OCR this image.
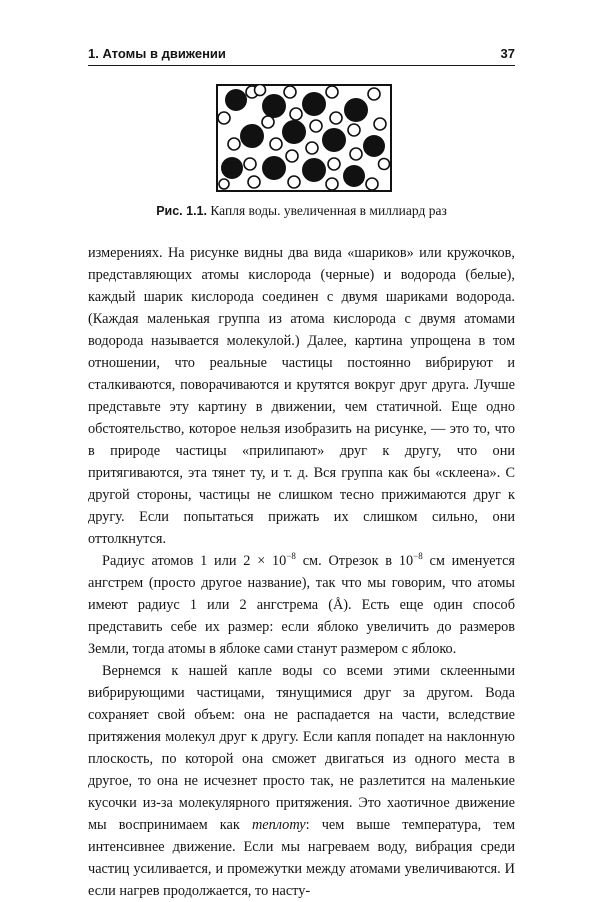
1. Атомы в движении	37
Рис. 1.1. Капля воды. увеличенная в миллиард раз

измерениях. На рисунке видны два вида «шариков» или кружочков, представляющих атомы кислорода (черные) и водорода (белые), каждый шарик кислорода соединен с двумя шариками водорода. (Каждая маленькая группа из атома кислорода с двумя атомами водорода называется молекулой.) Далее, картина упрощена в том отношении, что реальные частицы постоянно вибрируют и сталкиваются, поворачиваются и крутятся вокруг друг друга. Лучше представьте эту картину в движении, чем статичной. Еще одно обстоятельство, которое нельзя изобразить на рисунке, — это то, что в природе частицы «прилипают» друг к другу, что они притягиваются, эта тянет ту, и т. д. Вся группа как бы «склеена». С другой стороны, частицы не слишком тесно прижимаются друг к другу. Если попытаться прижать их слишком сильно, они оттолкнутся.

Радиус атомов 1 или $2 \times 10^{-8}$ см. Отрезок в $10^{-8}$ см именуется ангстрем (просто другое название), так что мы говорим, что атомы имеют радиус 1 или 2 ангстрема (Å). Есть еще один способ представить себе их размер: если яблоко увеличить до размеров Земли, тогда атомы в яблоке сами станут размером с яблоко.

Вернемся к нашей капле воды со всеми этими склеенными вибрирующими частицами, тянущимися друг за другом. Вода сохраняет свой объем: она не распадается на части, вследствие притяжения молекул друг к другу. Если капля попадет на наклонную плоскость, по которой она сможет двигаться из одного места в другое, то она не исчезнет просто так, не разлетится на маленькие кусочки из-за молекулярного притяжения. Это хаотичное движение мы воспринимаем как теплоту: чем выше температура, тем интенсивнее движение. Если мы нагреваем воду, вибрация среди частиц усиливается, и промежутки между атомами увеличиваются. И если нагрев продолжается, то насту-
